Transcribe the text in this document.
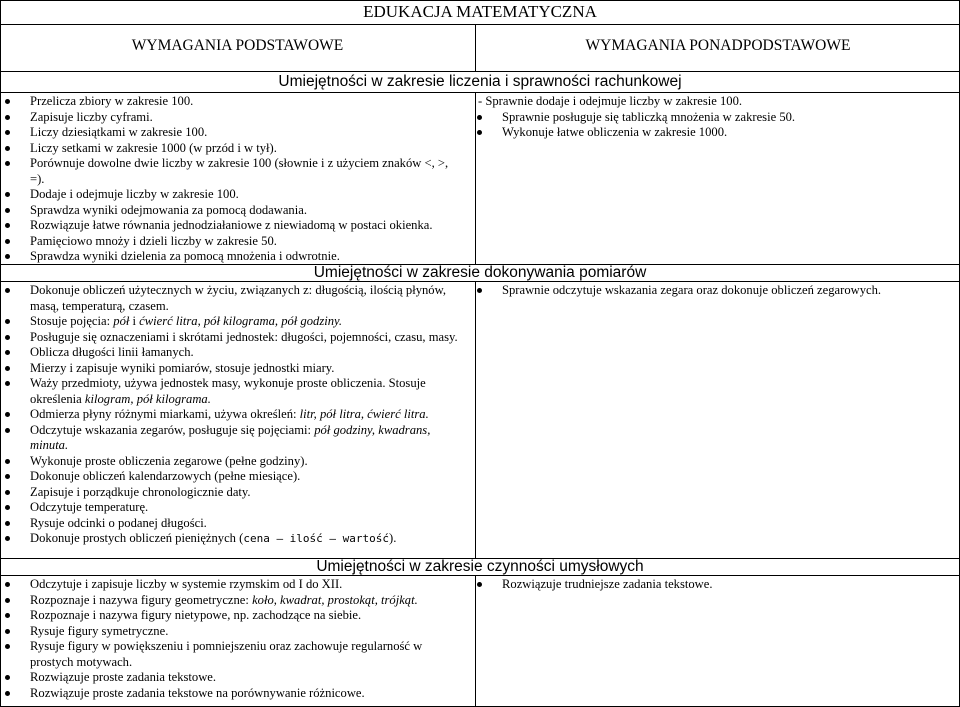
EDUKACJA MATEMATYCZNA
WYMAGANIA PODSTAWOWE	WYMAGANIA PONADPODSTAWOWE
Umiejętności w zakresie liczenia i sprawności rachunkowej
Przelicza zbiory w zakresie 100.
Zapisuje liczby cyframi.
Liczy dziesiątkami w zakresie 100.
Liczy setkami w zakresie 1000 (w przód i w tył).
Porównuje dowolne dwie liczby w zakresie 100 (słownie i z użyciem znaków <, >, =).
Dodaje i odejmuje liczby w zakresie 100.
Sprawdza wyniki odejmowania za pomocą dodawania.
Rozwiązuje łatwe równania jednodziałaniowe z niewiadomą w postaci okienka.
Pamięciowo mnoży i dzieli liczby w zakresie 50.
Sprawdza wyniki dzielenia za pomocą mnożenia i odwrotnie.
- Sprawnie dodaje i odejmuje liczby w zakresie 100.
Sprawnie posługuje się tabliczką mnożenia w zakresie 50.
Wykonuje łatwe obliczenia w zakresie 1000.
Umiejętności w zakresie dokonywania pomiarów
Dokonuje obliczeń użytecznych w życiu, związanych z: długością, ilością płynów, masą, temperaturą, czasem.
Stosuje pojęcia: pół i ćwierć litra, pół kilograma, pół godziny.
Posługuje się oznaczeniami i skrótami jednostek: długości, pojemności, czasu, masy.
Oblicza długości linii łamanych.
Mierzy i zapisuje wyniki pomiarów, stosuje jednostki miary.
Waży przedmioty, używa jednostek masy, wykonuje proste obliczenia. Stosuje określenia kilogram, pół kilograma.
Odmierza płyny różnymi miarkami, używa określeń: litr, pół litra, ćwierć litra.
Odczytuje wskazania zegarów, posługuje się pojęciami: pół godziny, kwadrans, minuta.
Wykonuje proste obliczenia zegarowe (pełne godziny).
Dokonuje obliczeń kalendarzowych (pełne miesiące).
Zapisuje i porządkuje chronologicznie daty.
Odczytuje temperaturę.
Rysuje odcinki o podanej długości.
Dokonuje prostych obliczeń pieniężnych (cena – ilość – wartość).
Sprawnie odczytuje wskazania zegara oraz dokonuje obliczeń zegarowych.
Umiejętności w zakresie czynności umysłowych
Odczytuje i zapisuje liczby w systemie rzymskim od I do XII.
Rozpoznaje i nazywa figury geometryczne: koło, kwadrat, prostokąt, trójkąt.
Rozpoznaje i nazywa figury nietypowe, np. zachodzące na siebie.
Rysuje figury symetryczne.
Rysuje figury w powiększeniu i pomniejszeniu oraz zachowuje regularność w prostych motywach.
Rozwiązuje proste zadania tekstowe.
Rozwiązuje proste zadania tekstowe na porównywanie różnicowe.
Rozwiązuje trudniejsze zadania tekstowe.
